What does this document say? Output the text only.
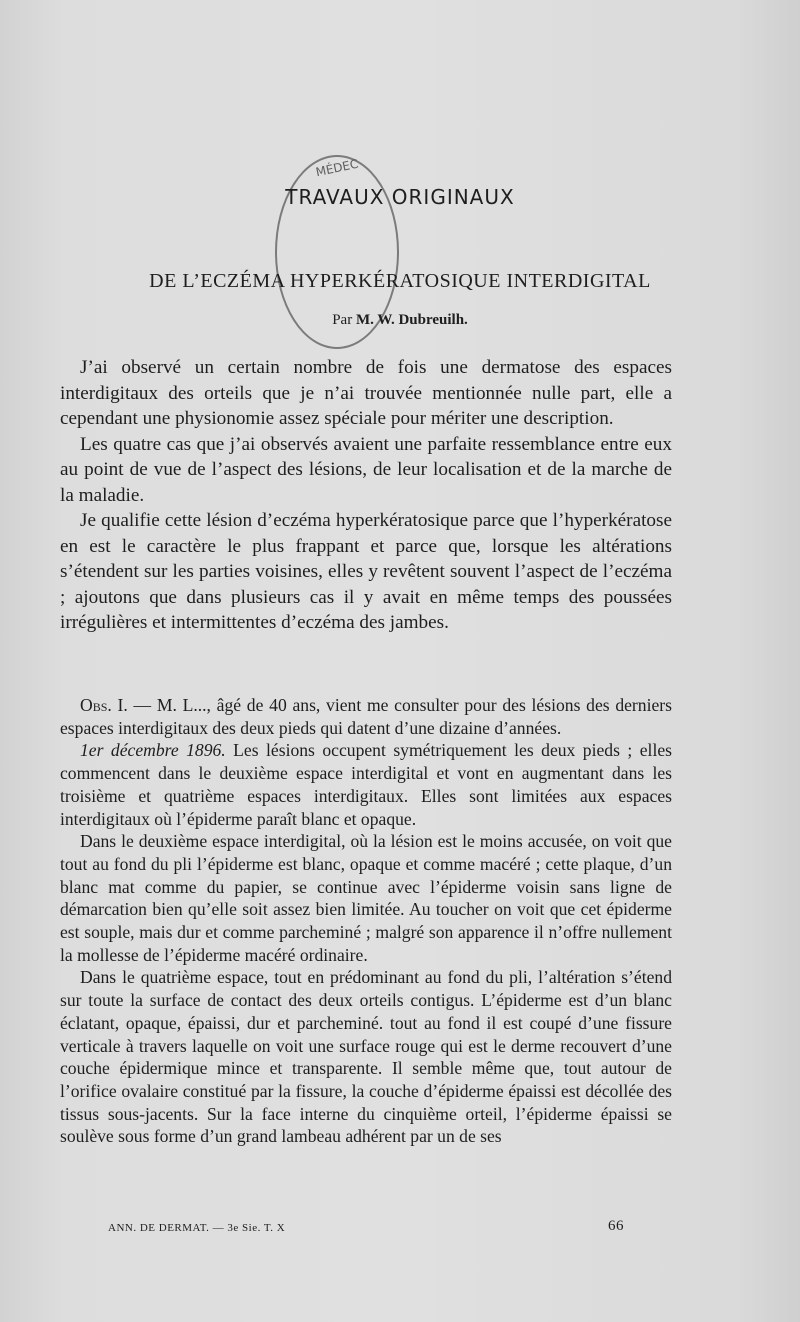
MÉDEC
TRAVAUX ORIGINAUX
DE L’ECZÉMA HYPERKÉRATOSIQUE INTERDIGITAL
Par M. W. Dubreuilh.

J’ai observé un certain nombre de fois une dermatose des espaces interdigitaux des orteils que je n’ai trouvée mentionnée nulle part, elle a cependant une physionomie assez spéciale pour mériter une description.

Les quatre cas que j’ai observés avaient une parfaite ressemblance entre eux au point de vue de l’aspect des lésions, de leur localisation et de la marche de la maladie.

Je qualifie cette lésion d’eczéma hyperkératosique parce que l’hyperkératose en est le caractère le plus frappant et parce que, lorsque les altérations s’étendent sur les parties voisines, elles y revêtent souvent l’aspect de l’eczéma ; ajoutons que dans plusieurs cas il y avait en même temps des poussées irrégulières et intermittentes d’eczéma des jambes.

Obs. I. — M. L..., âgé de 40 ans, vient me consulter pour des lésions des derniers espaces interdigitaux des deux pieds qui datent d’une dizaine d’années.

1er décembre 1896. Les lésions occupent symétriquement les deux pieds ; elles commencent dans le deuxième espace interdigital et vont en augmentant dans les troisième et quatrième espaces interdigitaux. Elles sont limitées aux espaces interdigitaux où l’épiderme paraît blanc et opaque.

Dans le deuxième espace interdigital, où la lésion est le moins accusée, on voit que tout au fond du pli l’épiderme est blanc, opaque et comme macéré ; cette plaque, d’un blanc mat comme du papier, se continue avec l’épiderme voisin sans ligne de démarcation bien qu’elle soit assez bien limitée. Au toucher on voit que cet épiderme est souple, mais dur et comme parcheminé ; malgré son apparence il n’offre nullement la mollesse de l’épiderme macéré ordinaire.

Dans le quatrième espace, tout en prédominant au fond du pli, l’altération s’étend sur toute la surface de contact des deux orteils contigus. L’épiderme est d’un blanc éclatant, opaque, épaissi, dur et parcheminé. tout au fond il est coupé d’une fissure verticale à travers laquelle on voit une surface rouge qui est le derme recouvert d’une couche épidermique mince et transparente. Il semble même que, tout autour de l’orifice ovalaire constitué par la fissure, la couche d’épiderme épaissi est décollée des tissus sous-jacents. Sur la face interne du cinquième orteil, l’épiderme épaissi se soulève sous forme d’un grand lambeau adhérent par un de ses

ANN. DE DERMAT. — 3e Sie. T. X	66
